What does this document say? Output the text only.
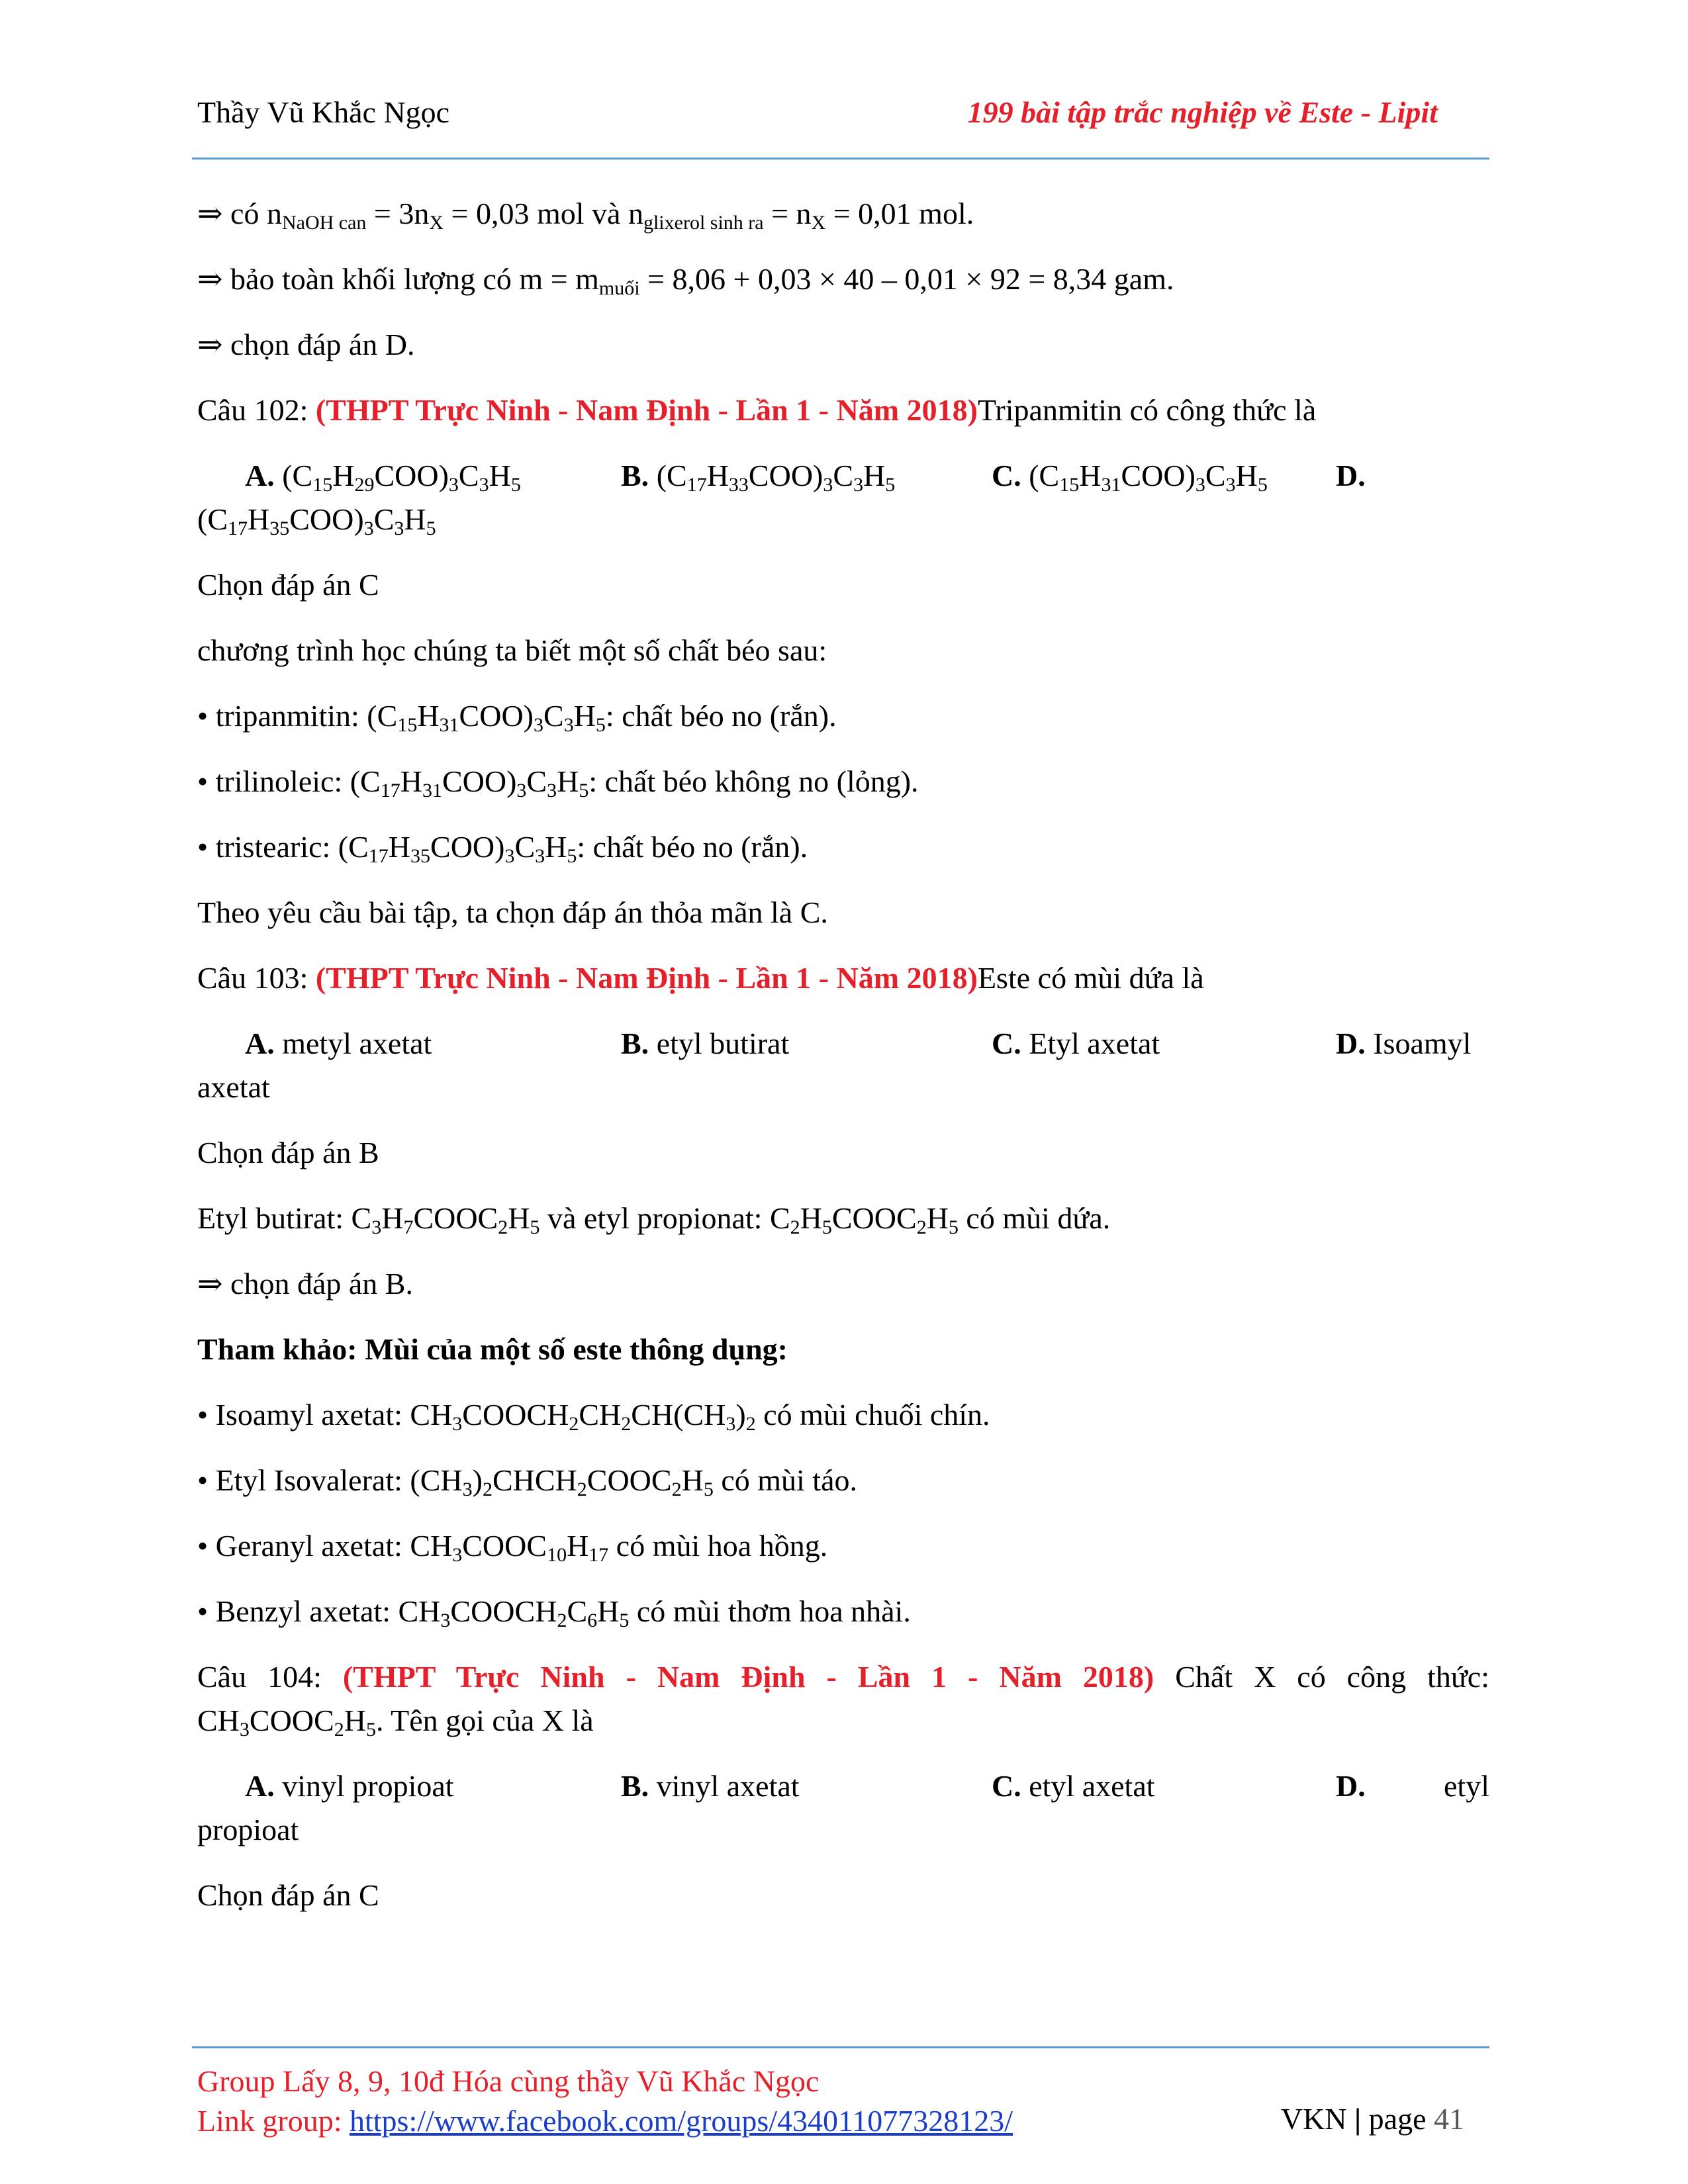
Thầy Vũ Khắc Ngọc	199 bài tập trắc nghiệp về Este - Lipit

⇒ có $n_{NaOH can} = 3n_X = 0,03$ mol và $n_{glixerol sinh ra} = n_X = 0,01$ mol.

⇒ bảo toàn khối lượng có $m = m_{muối} = 8,06 + 0,03 \times 40 - 0,01 \times 92 = 8,34$ gam.

⇒ chọn đáp án D.

Câu 102: (THPT Trực Ninh - Nam Định - Lần 1 - Năm 2018)Tripanmitin có công thức là

A. $(C_{15}H_{29}COO)_3C_3H_5$	B. $(C_{17}H_{33}COO)_3C_3H_5$	C. $(C_{15}H_{31}COO)_3C_3H_5$ D.
$(C_{17}H_{35}COO)_3C_3H_5$

Chọn đáp án C

chương trình học chúng ta biết một số chất béo sau:

• tripanmitin: $(C_{15}H_{31}COO)_3C_3H_5$: chất béo no (rắn).

• trilinoleic: $(C_{17}H_{31}COO)_3C_3H_5$: chất béo không no (lỏng).

• tristearic: $(C_{17}H_{35}COO)_3C_3H_5$: chất béo no (rắn).

Theo yêu cầu bài tập, ta chọn đáp án thỏa mãn là C.

Câu 103: (THPT Trực Ninh - Nam Định - Lần 1 - Năm 2018)Este có mùi dứa là

A. metyl axetat	B. etyl butirat	C. Etyl axetat	D. Isoamyl
axetat

Chọn đáp án B

Etyl butirat: $C_3H_7COOC_2H_5$ và etyl propionat: $C_2H_5COOC_2H_5$ có mùi dứa.

⇒ chọn đáp án B.

Tham khảo: Mùi của một số este thông dụng:

• Isoamyl axetat: $CH_3COOCH_2CH_2CH(CH_3)_2$ có mùi chuối chín.

• Etyl Isovalerat: $(CH_3)_2CHCH_2COOC_2H_5$ có mùi táo.

• Geranyl axetat: $CH_3COOC_{10}H_{17}$ có mùi hoa hồng.

• Benzyl axetat: $CH_3COOCH_2C_6H_5$ có mùi thơm hoa nhài.

Câu 104: (THPT Trực Ninh - Nam Định - Lần 1 - Năm 2018) Chất X có công thức:

$CH_3COOC_2H_5$. Tên gọi của X là
A. vinyl propioat	B. vinyl axetat	C. etyl axetat	D.	etyl
propioat

Chọn đáp án C

Group Lấy 8, 9, 10đ Hóa cùng thầy Vũ Khắc Ngọc
Link group: https://www.facebook.com/groups/434011077328123/	VKN | page 41
